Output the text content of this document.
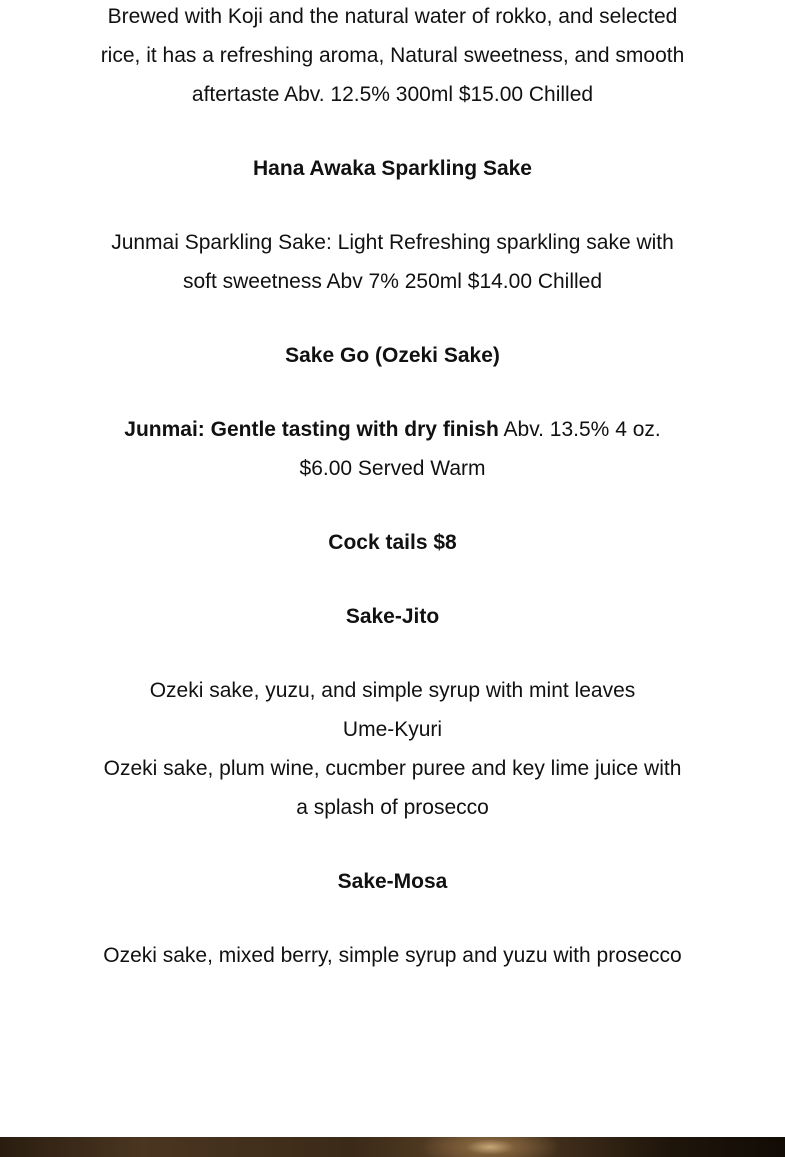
Brewed with Koji and the natural water of rokko, and selected rice, it has a refreshing aroma, Natural sweetness, and smooth aftertaste Abv. 12.5% 300ml $15.00 Chilled

Hana Awaka Sparkling Sake

Junmai Sparkling Sake: Light Refreshing sparkling sake with soft sweetness Abv 7% 250ml $14.00 Chilled

Sake Go (Ozeki Sake)

Junmai: Gentle tasting with dry finish Abv. 13.5% 4 oz. $6.00 Served Warm

Cock tails $8

Sake-Jito

Ozeki sake, yuzu, and simple syrup with mint leaves

Ume-Kyuri

Ozeki sake, plum wine, cucmber puree and key lime juice with a splash of prosecco

Sake-Mosa

Ozeki sake, mixed berry, simple syrup and yuzu with prosecco
